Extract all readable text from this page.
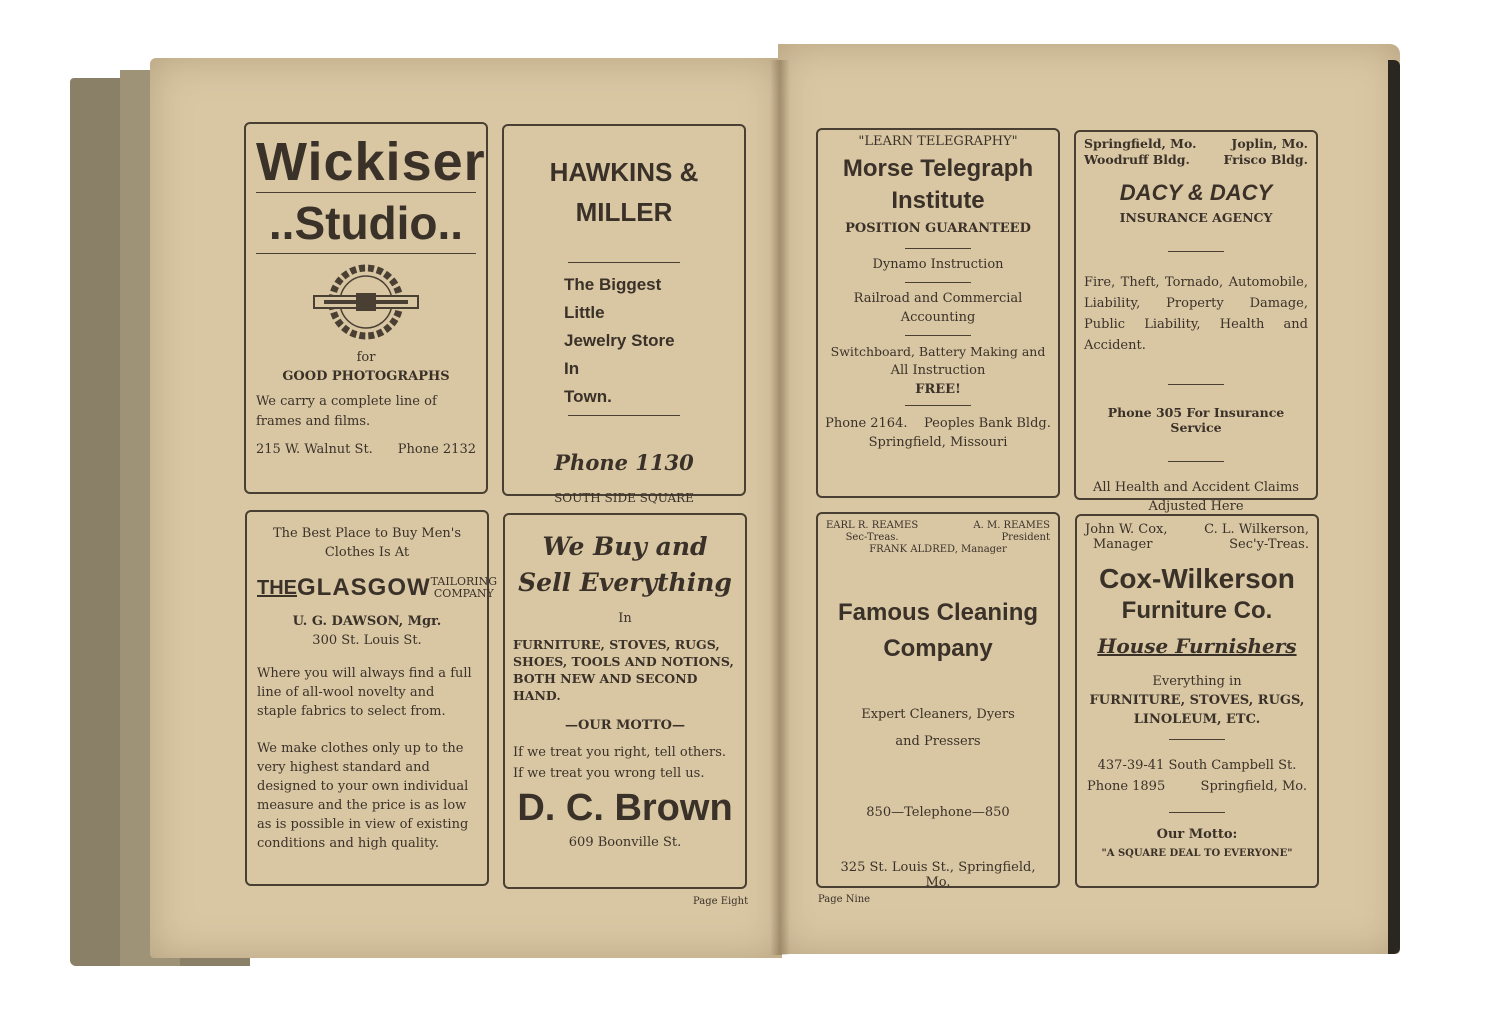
Wickiser
..Studio..
for
GOOD PHOTOGRAPHS
We carry a complete line of frames and films.
215 W. Walnut St. Phone 2132
HAWKINS &
MILLER
The Biggest Little
Jewelry Store In
Town.
Phone 1130
SOUTH SIDE SQUARE
The Best Place to Buy Men's Clothes Is At
THE GLASGOW TAILORING
COMPANY
U. G. DAWSON, Mgr.
300 St. Louis St.
Where you will always find a full line of all-wool novelty and staple fabrics to select from.
We make clothes only up to the very highest standard and designed to your own individual measure and the price is as low as is possible in view of existing conditions and high quality.
We Buy and
Sell Everything
In
FURNITURE, STOVES, RUGS, SHOES, TOOLS AND NOTIONS, BOTH NEW AND SECOND HAND.
—OUR MOTTO—
If we treat you right, tell others.
If we treat you wrong tell us.
D. C. Brown
609 Boonville St.
Page Eight
"LEARN TELEGRAPHY"
Morse Telegraph
Institute
POSITION GUARANTEED
Dynamo Instruction
Railroad and Commercial
Accounting
Switchboard, Battery Making and
All Instruction
FREE!
Phone 2164.    Peoples Bank Bldg.
Springfield, Missouri
Springfield, Mo.
Woodruff Bldg.
Joplin, Mo.
Frisco Bldg.
DACY & DACY
INSURANCE AGENCY
Fire, Theft, Tornado, Automobile, Liability, Property Damage, Public Liability, Health and Accident.
Phone 305 For Insurance Service
All Health and Accident Claims
Adjusted Here
EARL R. REAMES
Sec-Treas.
A. M. REAMES
President
FRANK ALDRED, Manager
Famous Cleaning
Company
Expert Cleaners, Dyers
and Pressers
850—Telephone—850
325 St. Louis St., Springfield, Mo.
John W. Cox,
Manager
C. L. Wilkerson,
Sec'y-Treas.
Cox-Wilkerson
Furniture Co.
House Furnishers
Everything in
FURNITURE, STOVES, RUGS,
LINOLEUM, ETC.
437-39-41 South Campbell St.
Phone 1895	Springfield, Mo.
Our Motto:
"A SQUARE DEAL TO EVERYONE"
Page Nine
